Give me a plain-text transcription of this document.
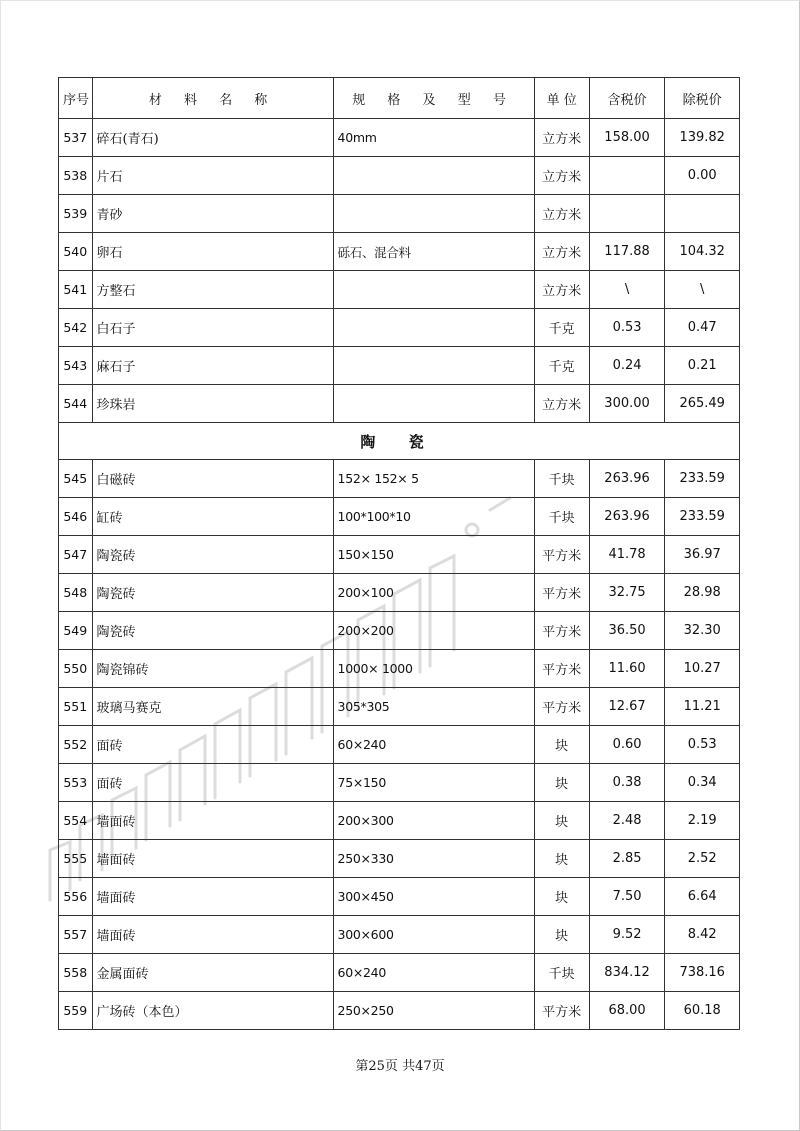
序号	材 料 名 称	规 格 及 型 号	单 位	含税价	除税价
537	碎石(青石)	40mm	立方米	158.00	139.82
538	片石		立方米		0.00
539	青砂		立方米		
540	卵石	砾石、混合料	立方米	117.88	104.32
541	方整石		立方米	\	\
542	白石子		千克	0.53	0.47
543	麻石子		千克	0.24	0.21
544	珍珠岩		立方米	300.00	265.49
陶 瓷					
545	白磁砖	152× 152× 5	千块	263.96	233.59
546	缸砖	100*100*10	千块	263.96	233.59
547	陶瓷砖	150×150	平方米	41.78	36.97
548	陶瓷砖	200×100	平方米	32.75	28.98
549	陶瓷砖	200×200	平方米	36.50	32.30
550	陶瓷锦砖	1000× 1000	平方米	11.60	10.27
551	玻璃马赛克	305*305	平方米	12.67	11.21
552	面砖	60×240	块	0.60	0.53
553	面砖	75×150	块	0.38	0.34
554	墙面砖	200×300	块	2.48	2.19
555	墙面砖	250×330	块	2.85	2.52
556	墙面砖	300×450	块	7.50	6.64
557	墙面砖	300×600	块	9.52	8.42
558	金属面砖	60×240	千块	834.12	738.16
559	广场砖（本色）	250×250	平方米	68.00	60.18
第25页 共47页
